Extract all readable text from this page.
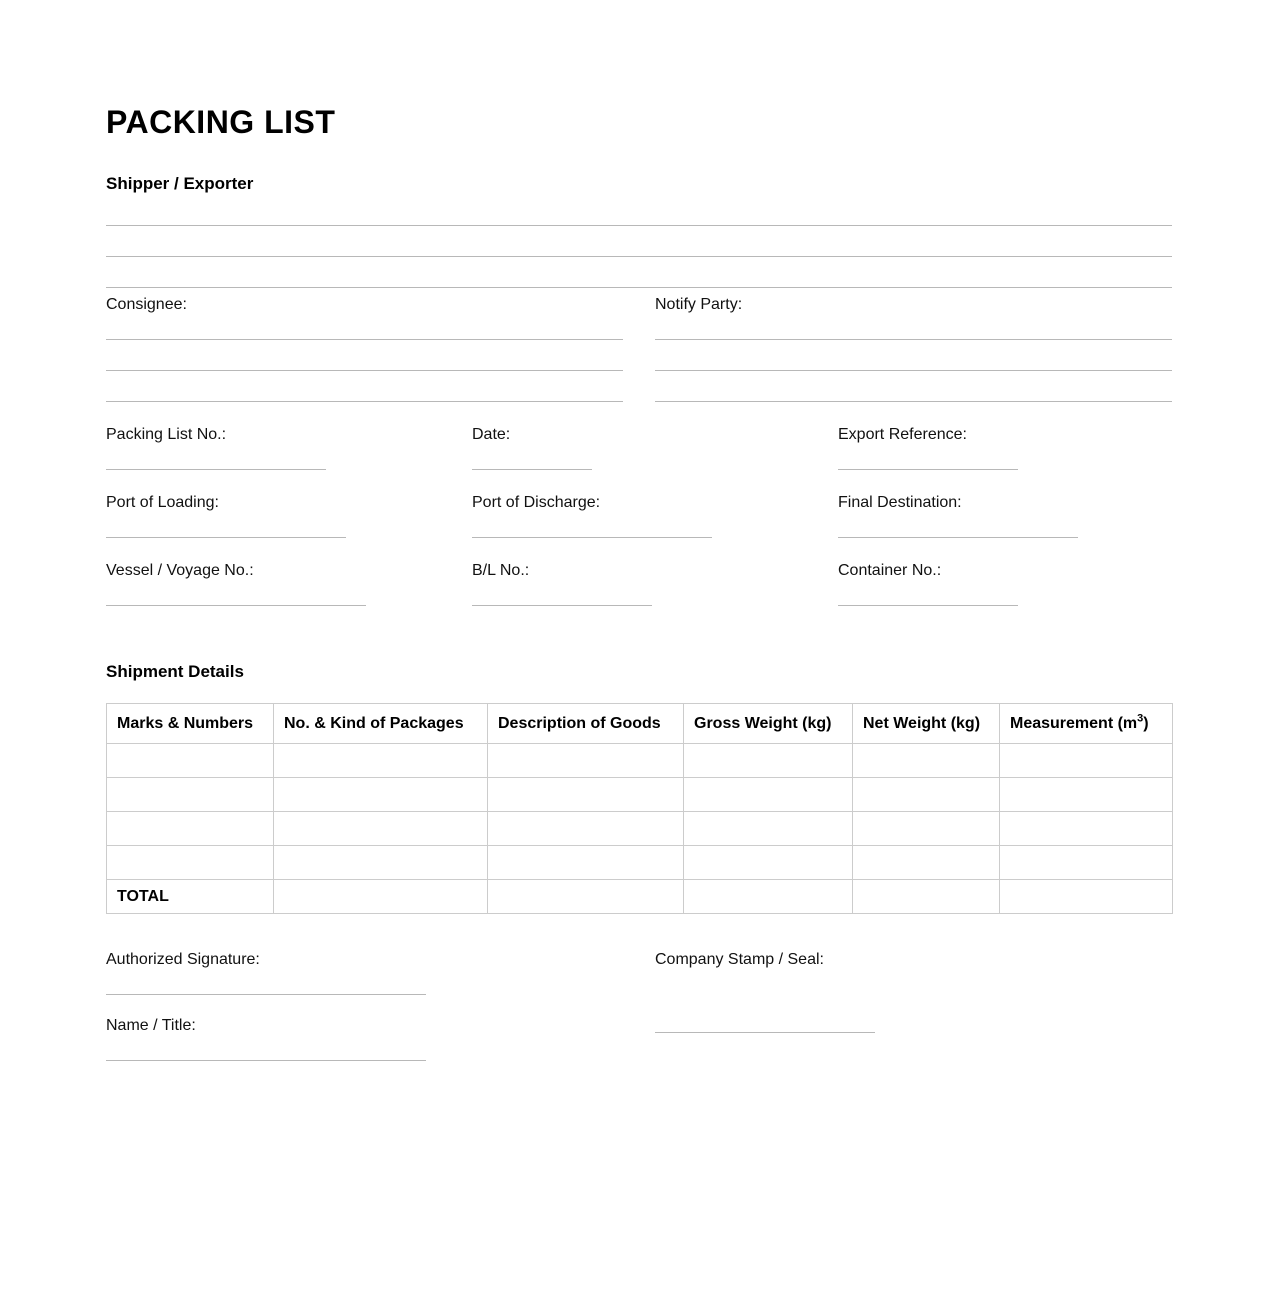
PACKING LIST
Shipper / Exporter
Consignee:	Notify Party:
Packing List No.:	Date:	Export Reference:
Port of Loading:	Port of Discharge:	Final Destination:
Vessel / Voyage No.:	B/L No.:	Container No.:
Shipment Details
Marks & Numbers	No. & Kind of Packages	Description of Goods	Gross Weight (kg)	Net Weight (kg)	Measurement $(m^3)$

TOTAL					
Authorized Signature:
Name / Title:
Company Stamp / Seal:
